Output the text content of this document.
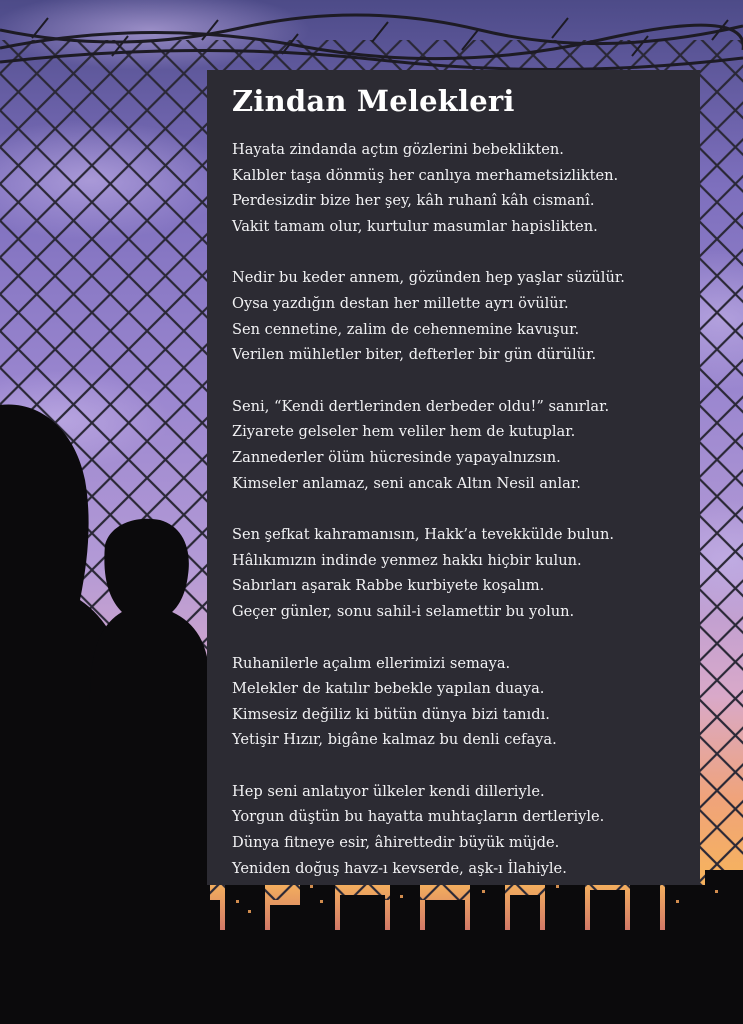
Zindan Melekleri
Hayata zindanda açtın gözlerini bebeklikten.
Kalbler taşa dönmüş her canlıya merhametsizlikten.
Perdesizdir bize her şey, kâh ruhanî kâh cismanî.
Vakit tamam olur, kurtulur masumlar hapislikten.
Nedir bu keder annem, gözünden hep yaşlar süzülür.
Oysa yazdığın destan her millette ayrı övülür.
Sen cennetine, zalim de cehennemine kavuşur.
Verilen mühletler biter, defterler bir gün dürülür.
Seni, “Kendi dertlerinden derbeder oldu!” sanırlar.
Ziyarete gelseler hem veliler hem de kutuplar.
Zannederler ölüm hücresinde yapayalnızsın.
Kimseler anlamaz, seni ancak Altın Nesil anlar.
Sen şefkat kahramanısın, Hakk’a tevekkülde bulun.
Hâlıkımızın indinde yenmez hakkı hiçbir kulun.
Sabırları aşarak Rabbe kurbiyete koşalım.
Geçer günler, sonu sahil-i selamettir bu yolun.
Ruhanilerle açalım ellerimizi semaya.
Melekler de katılır bebekle yapılan duaya.
Kimsesiz değiliz ki bütün dünya bizi tanıdı.
Yetişir Hızır, bigâne kalmaz bu denli cefaya.
Hep seni anlatıyor ülkeler kendi dilleriyle.
Yorgun düştün bu hayatta muhtaçların dertleriyle.
Dünya fitneye esir, âhirettedir büyük müjde.
Yeniden doğuş havz-ı kevserde, aşk-ı İlahiyle.
